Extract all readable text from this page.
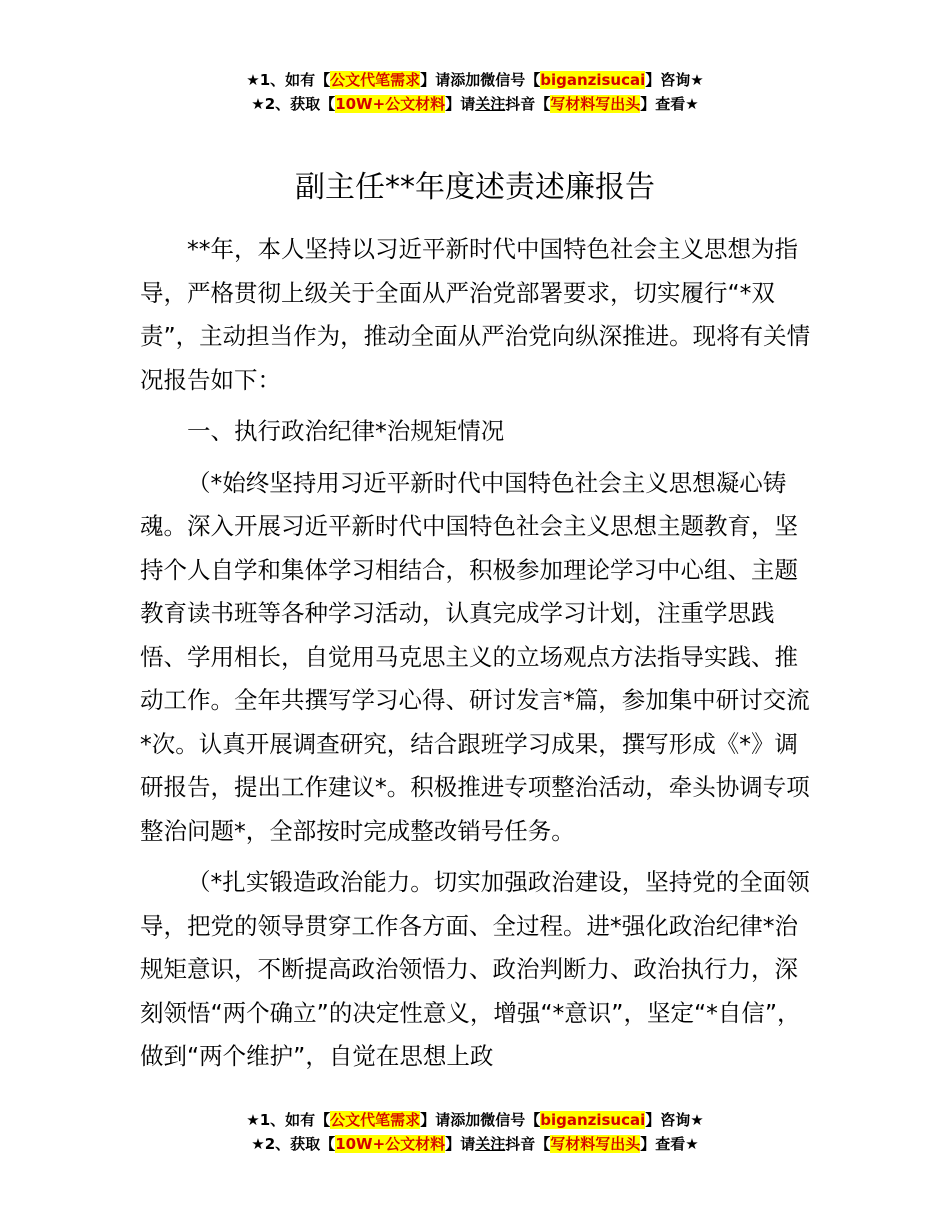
★1、如有【公文代笔需求】请添加微信号【biganzisucai】咨询★
★2、获取【10W+公文材料】请关注抖音【写材料写出头】查看★
副主任**年度述责述廉报告

**年，本人坚持以习近平新时代中国特色社会主义思想为指导，严格贯彻上级关于全面从严治党部署要求，切实履行“*双责”，主动担当作为，推动全面从严治党向纵深推进。现将有关情况报告如下：

一、执行政治纪律*治规矩情况

（*始终坚持用习近平新时代中国特色社会主义思想凝心铸魂。深入开展习近平新时代中国特色社会主义思想主题教育，坚持个人自学和集体学习相结合，积极参加理论学习中心组、主题教育读书班等各种学习活动，认真完成学习计划，注重学思践悟、学用相长，自觉用马克思主义的立场观点方法指导实践、推动工作。全年共撰写学习心得、研讨发言*篇，参加集中研讨交流*次。认真开展调查研究，结合跟班学习成果，撰写形成《*》调研报告，提出工作建议*。积极推进专项整治活动，牵头协调专项整治问题*，全部按时完成整改销号任务。

（*扎实锻造政治能力。切实加强政治建设，坚持党的全面领导，把党的领导贯穿工作各方面、全过程。进*强化政治纪律*治规矩意识，不断提高政治领悟力、政治判断力、政治执行力，深刻领悟“两个确立”的决定性意义，增强“*意识”，坚定“*自信”，做到“两个维护”，自觉在思想上政

★1、如有【公文代笔需求】请添加微信号【biganzisucai】咨询★
★2、获取【10W+公文材料】请关注抖音【写材料写出头】查看★
